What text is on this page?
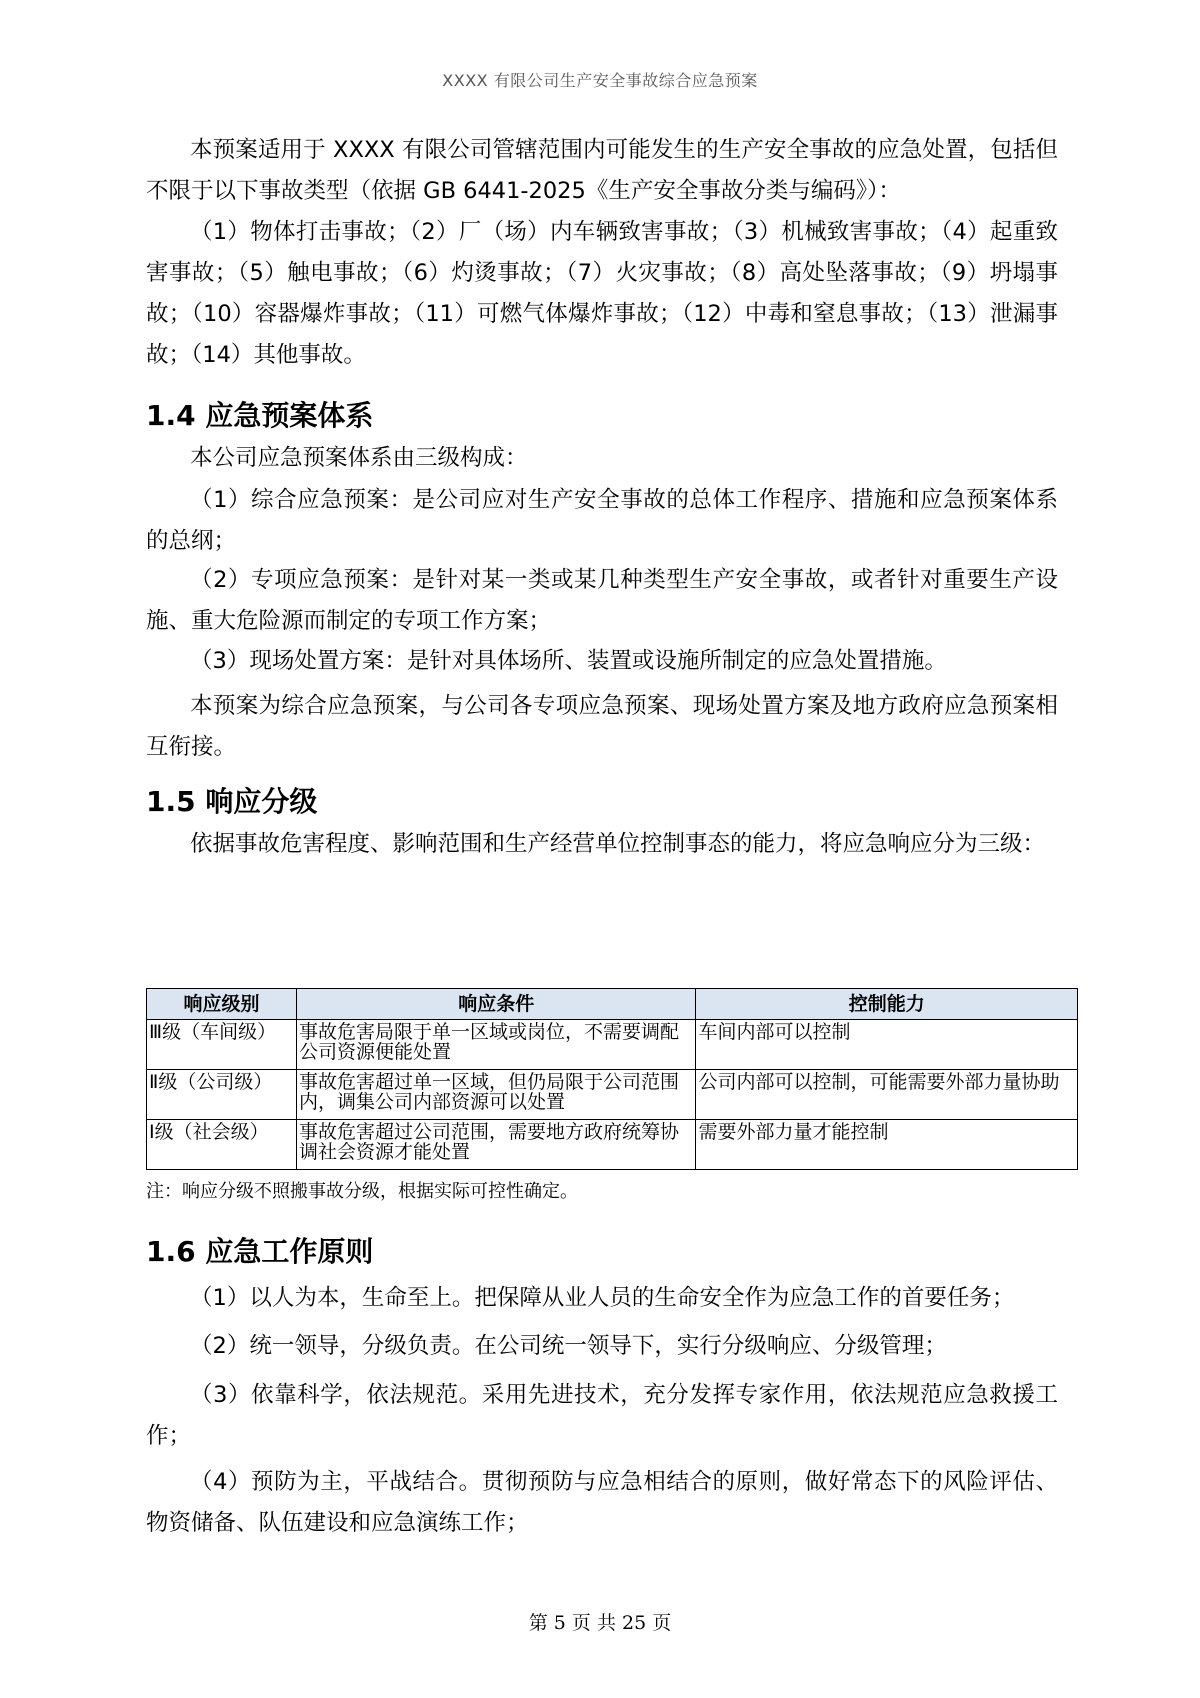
XXXX 有限公司生产安全事故综合应急预案
本预案适用于 XXXX 有限公司管辖范围内可能发生的生产安全事故的应急处置，包括但不限于以下事故类型（依据 GB 6441-2025《生产安全事故分类与编码》）：
（1）物体打击事故；（2）厂（场）内车辆致害事故；（3）机械致害事故；（4）起重致害事故；（5）触电事故；（6）灼烫事故；（7）火灾事故；（8）高处坠落事故；（9）坍塌事故；（10）容器爆炸事故；（11）可燃气体爆炸事故；（12）中毒和窒息事故；（13）泄漏事故；（14）其他事故。
1.4 应急预案体系
本公司应急预案体系由三级构成：
（1）综合应急预案：是公司应对生产安全事故的总体工作程序、措施和应急预案体系的总纲；
（2）专项应急预案：是针对某一类或某几种类型生产安全事故，或者针对重要生产设施、重大危险源而制定的专项工作方案；
（3）现场处置方案：是针对具体场所、装置或设施所制定的应急处置措施。
本预案为综合应急预案，与公司各专项应急预案、现场处置方案及地方政府应急预案相互衔接。
1.5 响应分级
依据事故危害程度、影响范围和生产经营单位控制事态的能力，将应急响应分为三级：
响应级别	响应条件	控制能力
Ⅲ级（车间级）	事故危害局限于单一区域或岗位，不需要调配公司资源便能处置	车间内部可以控制
Ⅱ级（公司级）	事故危害超过单一区域，但仍局限于公司范围内，调集公司内部资源可以处置	公司内部可以控制，可能需要外部力量协助
Ⅰ级（社会级）	事故危害超过公司范围，需要地方政府统筹协调社会资源才能处置	需要外部力量才能控制
注：响应分级不照搬事故分级，根据实际可控性确定。
1.6 应急工作原则
（1）以人为本，生命至上。把保障从业人员的生命安全作为应急工作的首要任务；
（2）统一领导，分级负责。在公司统一领导下，实行分级响应、分级管理；
（3）依靠科学，依法规范。采用先进技术，充分发挥专家作用，依法规范应急救援工作；
（4）预防为主，平战结合。贯彻预防与应急相结合的原则，做好常态下的风险评估、物资储备、队伍建设和应急演练工作；
第 5 页 共 25 页
